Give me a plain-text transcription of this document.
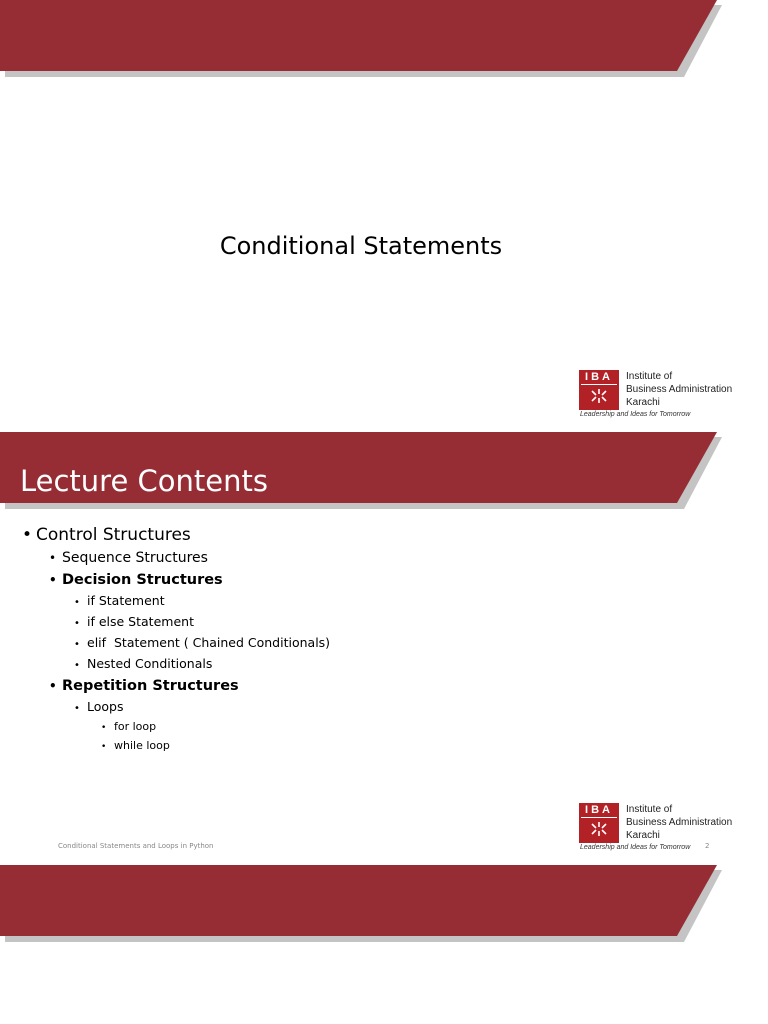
Conditional Statements
IBA	Institute of
Business Administration
Karachi
Leadership and Ideas for Tomorrow
Lecture Contents
• Control Structures
• Sequence Structures
• Decision Structures
• if Statement
• if else Statement
• elif  Statement ( Chained Conditionals)
• Nested Conditionals
• Repetition Structures
• Loops
• for loop
• while loop
IBA	Institute of
Business Administration
Karachi
Leadership and Ideas for Tomorrow
Conditional Statements and Loops in Python	2
